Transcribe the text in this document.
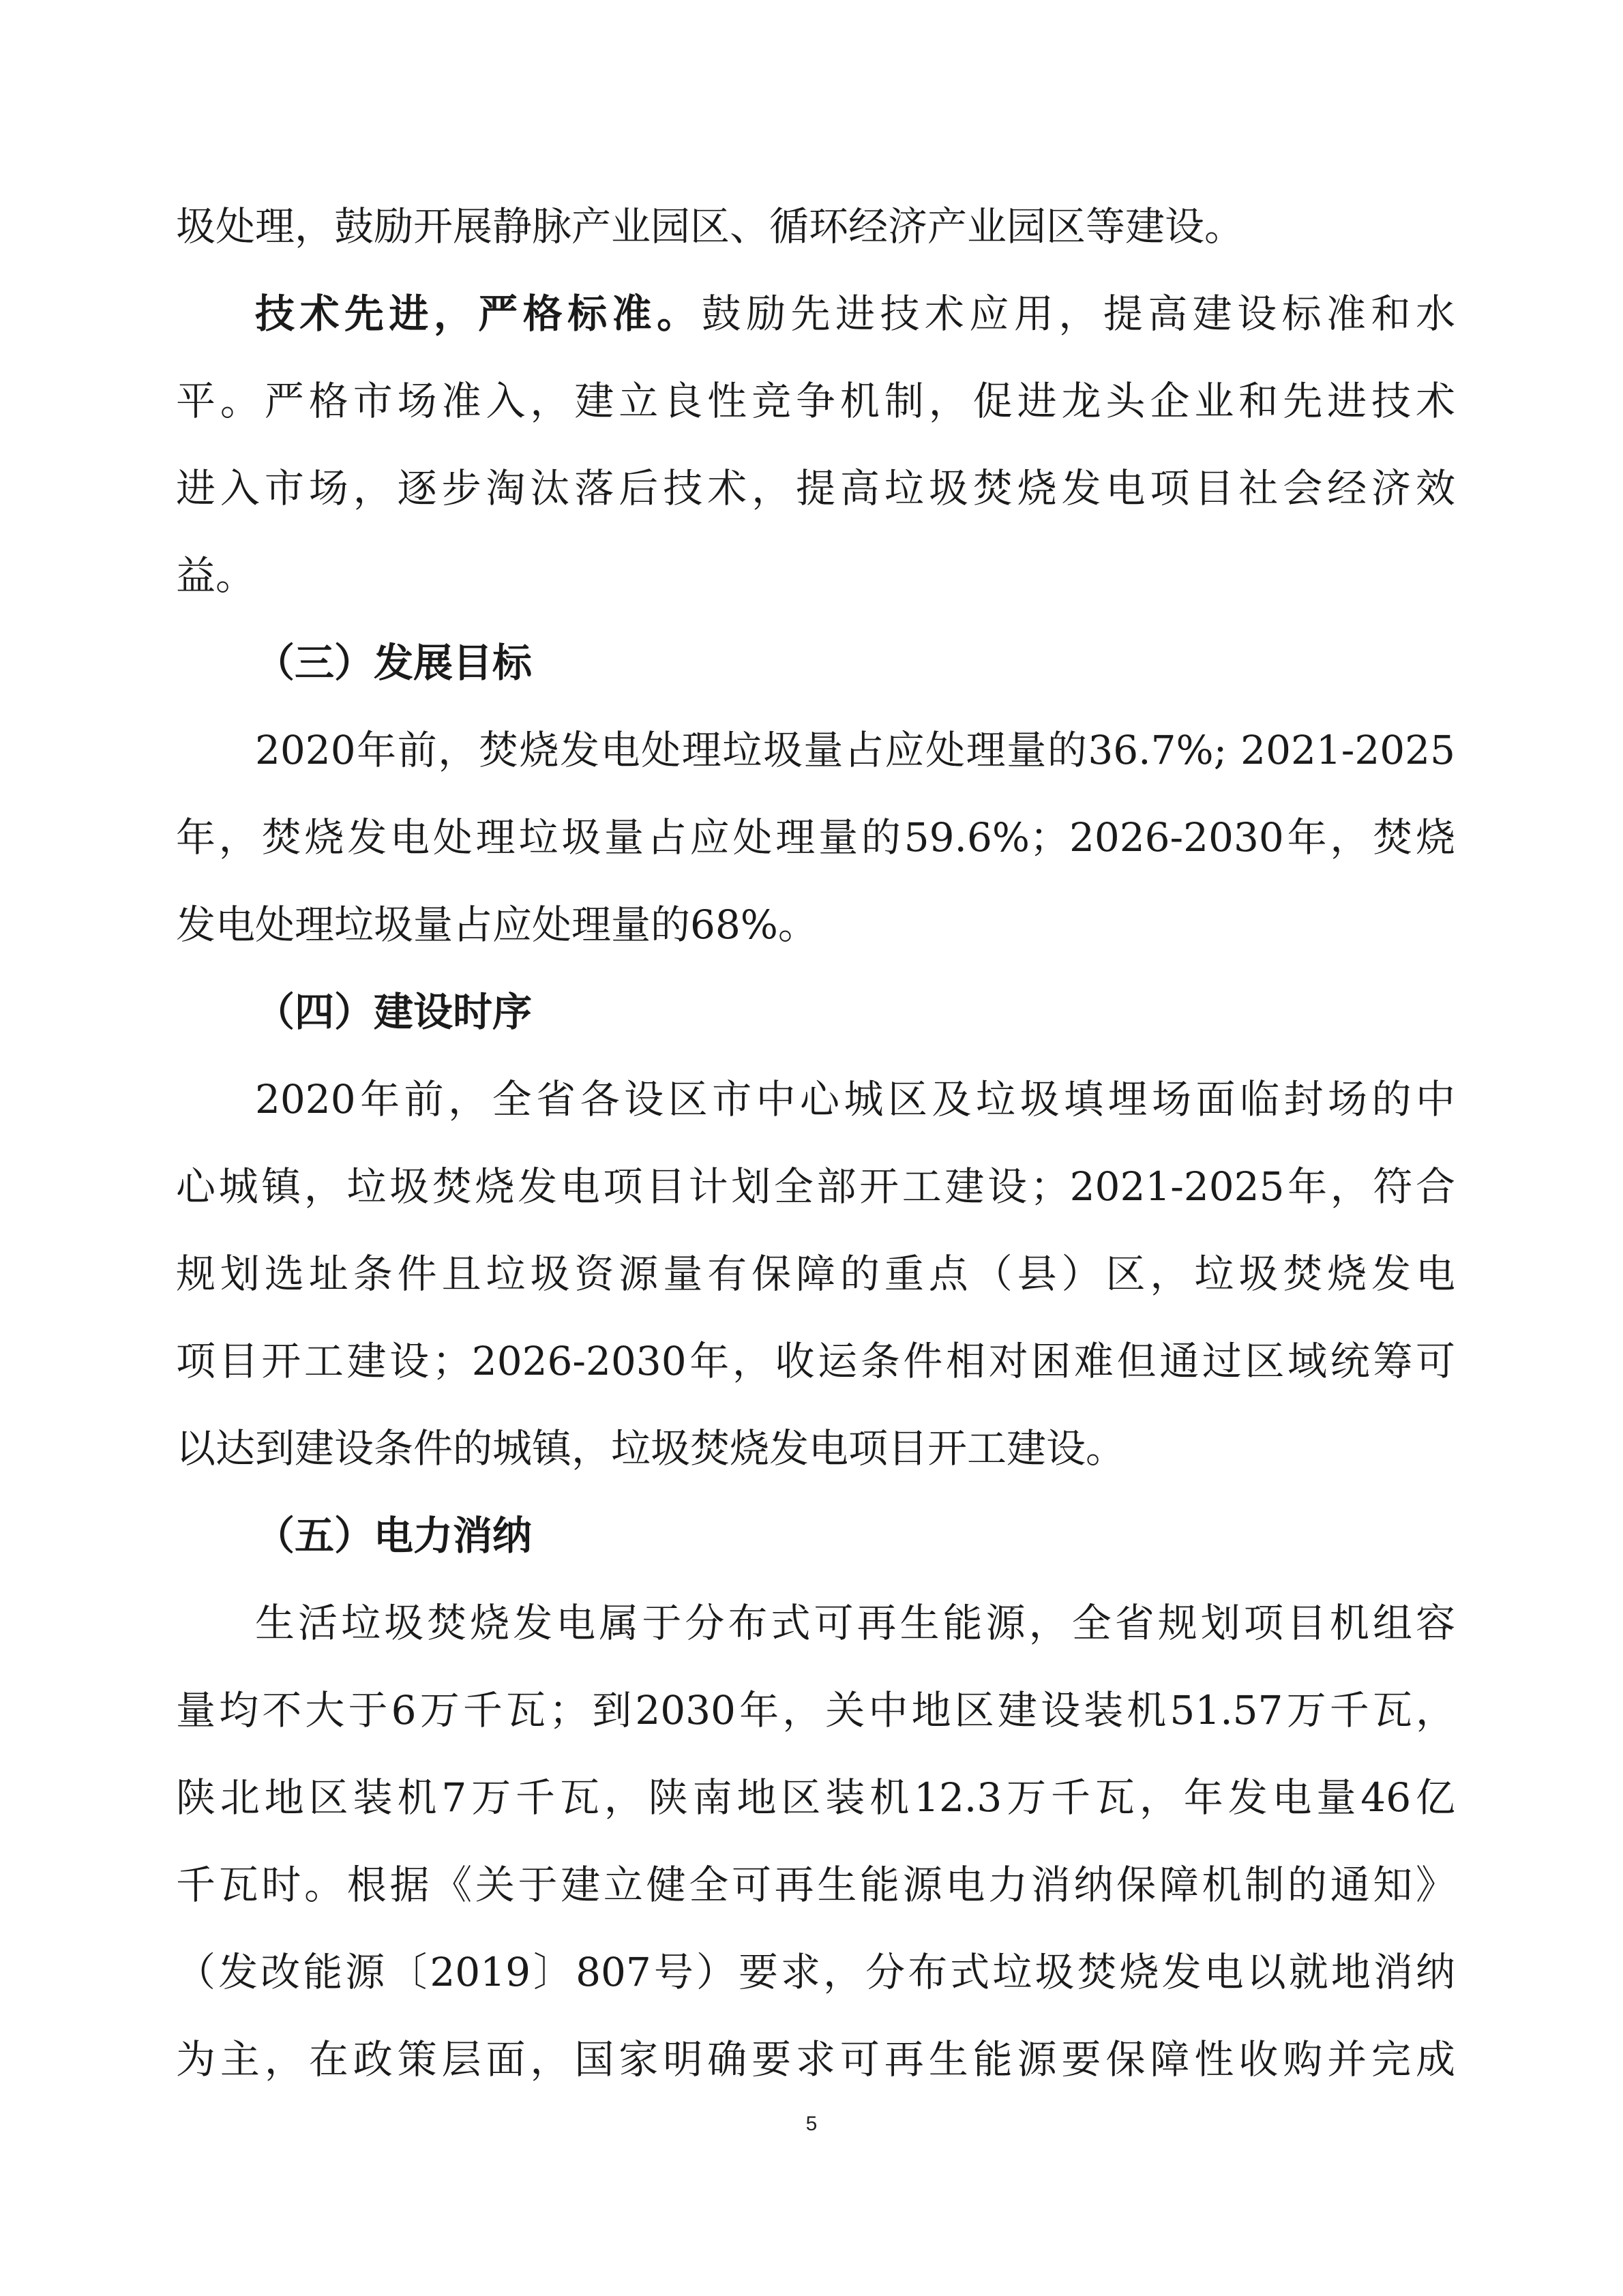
圾处理，鼓励开展静脉产业园区、循环经济产业园区等建设。
技术先进，严格标准。鼓励先进技术应用，提高建设标准和水
平。严格市场准入，建立良性竞争机制，促进龙头企业和先进技术
进入市场，逐步淘汰落后技术，提高垃圾焚烧发电项目社会经济效
益。
（三）发展目标
2020年前，焚烧发电处理垃圾量占应处理量的36.7%; 2021-2025
年，焚烧发电处理垃圾量占应处理量的59.6%；2026-2030年，焚烧
发电处理垃圾量占应处理量的68%。
（四）建设时序
2020年前，全省各设区市中心城区及垃圾填埋场面临封场的中
心城镇，垃圾焚烧发电项目计划全部开工建设；2021-2025年，符合
规划选址条件且垃圾资源量有保障的重点（县）区，垃圾焚烧发电
项目开工建设；2026-2030年，收运条件相对困难但通过区域统筹可
以达到建设条件的城镇，垃圾焚烧发电项目开工建设。
（五）电力消纳
生活垃圾焚烧发电属于分布式可再生能源，全省规划项目机组容
量均不大于6万千瓦；到2030年，关中地区建设装机51.57万千瓦，
陕北地区装机7万千瓦，陕南地区装机12.3万千瓦，年发电量46亿
千瓦时。根据《关于建立健全可再生能源电力消纳保障机制的通知》
（发改能源〔2019〕807号）要求，分布式垃圾焚烧发电以就地消纳
为主，在政策层面，国家明确要求可再生能源要保障性收购并完成
5
